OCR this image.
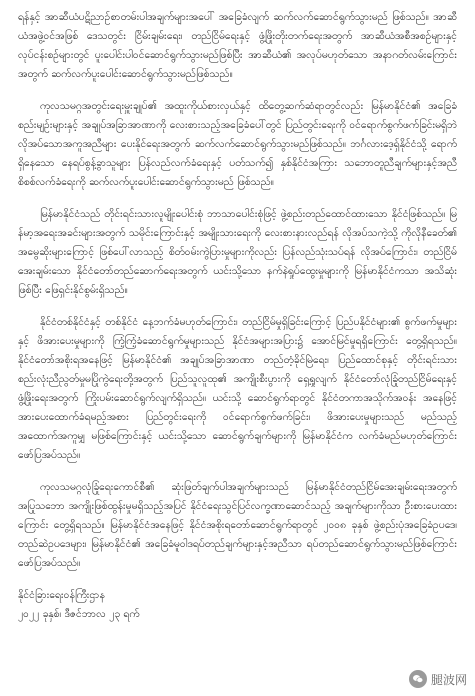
ရန်နှင့် အာဆီယံပဋိညာဉ်စာတမ်းပါအချက်များအပေါ် အခြေခံလျက် ဆက်လက်ဆောင်ရွက်သွားမည် ဖြစ်သည်။ အာဆီယံအဖွဲ့ဝင်အဖြစ် ဒေသတွင်း ငြိမ်းချမ်းရေး၊ တည်ငြိမ်ရေးနှင့် ဖွံ့ဖြိုးတိုးတက်ရေးအတွက် အာဆီယံအစီအစဉ်များနှင့် လုပ်ငန်းစဉ်များတွင် ပူးပေါင်းပါဝင်ဆောင်ရွက်သွားမည်ဖြစ်ပြီး အာဆီယံ၏ အလုပ်မဟုတ်သော အနာဂတ်လမ်းကြောင်းအတွက် ဆက်လက်ပူးပေါင်းဆောင်ရွက်သွားမည်ဖြစ်သည်။

ကုလသမဂ္ဂအတွင်းရေးမှူးချုပ်၏ အထူးကိုယ်စားလှယ်နှင့် ထိတွေ့ဆက်ဆံရာတွင်လည်း မြန်မာနိုင်ငံ၏ အခြေခံစည်းမျဉ်းများနှင့် အချုပ်အခြာအာဏာကို လေးစားသည့်အခြေခံပေါ်တွင် ပြည်တွင်းရေးကို ဝင်ရောက်စွက်ဖက်ခြင်းမရှိဘဲ လိုအပ်သောအကူအညီများ ပေးနိုင်ရေးအတွက် ဆက်လက်ဆောင်ရွက်သွားမည်ဖြစ်သည်။ ဘင်္ဂလားဒေ့ရှ်နိုင်ငံသို့ ရောက်ရှိနေသော နေရပ်စွန့်ခွာသူများ ပြန်လည်လက်ခံရေးနှင့် ပတ်သက်၍ နှစ်နိုင်ငံအကြား သဘောတူညီချက်များနှင့်အညီ စိစစ်လက်ခံရေးကို ဆက်လက်ပူးပေါင်းဆောင်ရွက်သွားမည် ဖြစ်သည်။

မြန်မာနိုင်ငံသည် တိုင်းရင်းသားလူမျိုးပေါင်းစုံ ဘာသာပေါင်းစုံဖြင့် ဖွဲ့စည်းတည်ထောင်ထားသော နိုင်ငံဖြစ်သည်။ မြန်မာ့အရေးအခင်းများအတွက် သမိုင်းကြောင်းနှင့် အမျိုးသားရေးကို လေးစားနားလည်ရန် လိုအပ်သကဲ့သို့ ကိုလိုနီခေတ်၏ အမွေဆိုးများကြောင့် ဖြစ်ပေါ်လာသည့် စိတ်ဝမ်းကွဲပြားမှုများကိုလည်း ပြန်လည်သုံးသပ်ရန် လိုအပ်ကြောင်း၊ တည်ငြိမ်အေးချမ်းသော နိုင်ငံတော်တည်ဆောက်ရေးအတွက် ယင်းသို့သော နက်နဲရှုပ်ထွေးမှုများကို မြန်မာနိုင်ငံကသာ အသိဆုံးဖြစ်ပြီး ဖြေရှင်းနိုင်စွမ်းရှိသည်။

နိုင်ငံတစ်နိုင်ငံနှင့် တစ်နိုင်ငံ နေ့ဘက်ခံမဟုတ်ကြောင်း၊ တည်ငြိမ်မှုရှိခြင်းကြောင့် ပြည်ပနိုင်ငံများ၏ စွက်ဖက်မှုများနှင့် ဖိအားပေးမှုများကို ကြံ့ကြံ့ခံဆောင်ရွက်မှုများသည် နိုင်ငံအများအပြား၌ အောင်မြင်မှုရရှိကြောင်း တွေ့ရှိရသည်။ နိုင်ငံတော်အစိုးရအနေဖြင့် မြန်မာနိုင်ငံ၏ အချုပ်အခြာအာဏာ တည်တံ့ခိုင်မြဲရေး၊ ပြည်ထောင်စုနှင့် တိုင်းရင်းသားစည်းလုံးညီညွတ်မှုမပြိုကွဲရေးတို့အတွက် ပြည်သူလူထု၏ အကျိုးစီးပွားကို ရှေ့ရှုလျက် နိုင်ငံတော်လုံခြုံတည်ငြိမ်ရေးနှင့် ဖွံ့ဖြိုးရေးအတွက် ကြိုးပမ်းဆောင်ရွက်လျက်ရှိသည်။ ယင်းသို့ ဆောင်ရွက်ရာတွင် နိုင်ငံတကာအသိုက်အဝန်း အနေဖြင့် အားပေးထောက်ခံရမည့်အစား ပြည်တွင်းရေးကို ဝင်ရောက်စွက်ဖက်ခြင်း၊ ဖိအားပေးမှုများသည် မည်သည့်အထောက်အကူမျှ မဖြစ်ကြောင်းနှင့် ယင်းသို့သော ဆောင်ရွက်ချက်များကို မြန်မာနိုင်ငံက လက်ခံမည်မဟုတ်ကြောင်း ဖော်ပြအပ်သည်။

ကုလသမဂ္ဂလုံခြုံရေးကောင်စီ၏ ဆုံးဖြတ်ချက်ပါအချက်များသည် မြန်မာနိုင်ငံတည်ငြိမ်အေးချမ်းရေးအတွက် အပြုသဘော အကျိုးဖြစ်ထွန်းမှုမရှိသည့်အပြင် နိုင်ငံရေးသွင်ပြင်လက္ခဏာဆောင်သည့် အချက်များကိုသာ ဦးစားပေးထားကြောင်း တွေ့ရှိရသည်။ မြန်မာနိုင်ငံအနေဖြင့် နိုင်ငံအစိုးရတော်ဆောင်ရွက်ရာတွင် ၂၀၀၈ ခုနှစ် ဖွဲ့စည်းပုံအခြေခံဥပဒေ၊ တည်ဆဲဥပဒေများ၊ မြန်မာနိုင်ငံ၏ အခြေခံမူဝါဒရပ်တည်ချက်များနှင့်အညီသာ ရပ်တည်ဆောင်ရွက်သွားမည်ဖြစ်ကြောင်း ဖော်ပြအပ်သည်။

နိုင်ငံခြားရေးဝန်ကြီးဌာန
၂၀၂၂ ခုနှစ်၊ ဒီဇင်ဘာလ ၂၃ ရက်
腿波网
